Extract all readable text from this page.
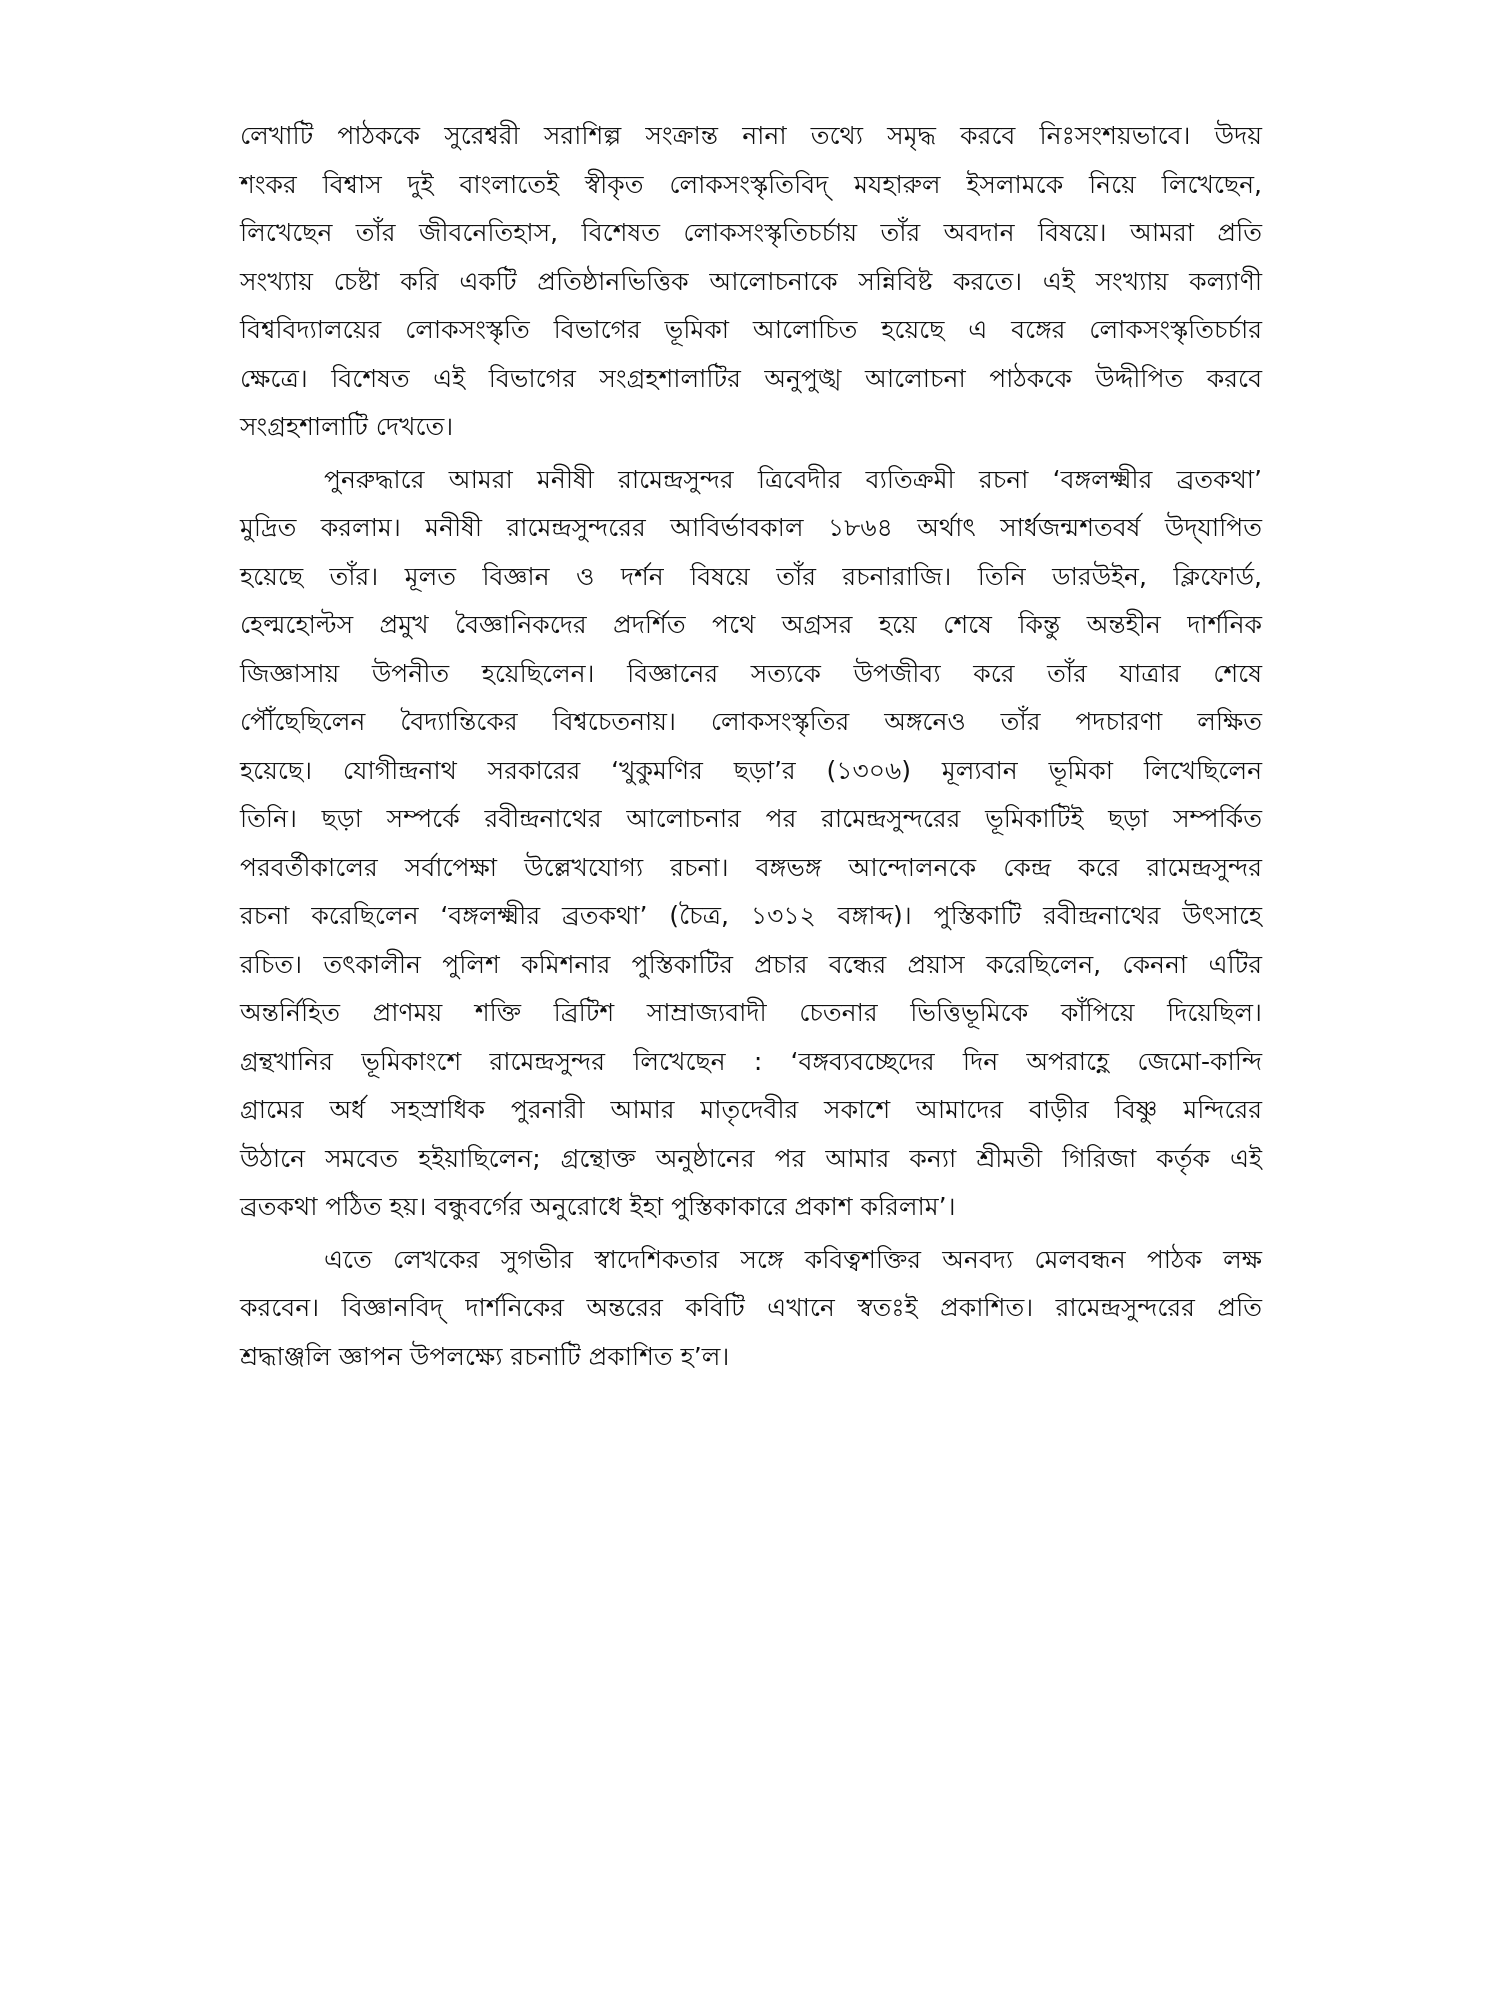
লেখাটি পাঠককে সুরেশ্বরী সরাশিল্প সংক্রান্ত নানা তথ্যে সমৃদ্ধ করবে নিঃসংশয়ভাবে। উদয়
শংকর বিশ্বাস দুই বাংলাতেই স্বীকৃত লোকসংস্কৃতিবিদ্ মযহারুল ইসলামকে নিয়ে লিখেছেন,
লিখেছেন তাঁর জীবনেতিহাস, বিশেষত লোকসংস্কৃতিচর্চায় তাঁর অবদান বিষয়ে। আমরা প্রতি
সংখ্যায় চেষ্টা করি একটি প্রতিষ্ঠানভিত্তিক আলোচনাকে সন্নিবিষ্ট করতে। এই সংখ্যায় কল্যাণী
বিশ্ববিদ্যালয়ের লোকসংস্কৃতি বিভাগের ভূমিকা আলোচিত হয়েছে এ বঙ্গের লোকসংস্কৃতিচর্চার
ক্ষেত্রে। বিশেষত এই বিভাগের সংগ্রহশালাটির অনুপুঙ্খ আলোচনা পাঠককে উদ্দীপিত করবে
সংগ্রহশালাটি দেখতে।
পুনরুদ্ধারে আমরা মনীষী রামেন্দ্রসুন্দর ত্রিবেদীর ব্যতিক্রমী রচনা ‘বঙ্গলক্ষ্মীর ব্রতকথা’
মুদ্রিত করলাম। মনীষী রামেন্দ্রসুন্দরের আবির্ভাবকাল ১৮৬৪ অর্থাৎ সার্ধজন্মশতবর্ষ উদ্‌যাপিত
হয়েছে তাঁর। মূলত বিজ্ঞান ও দর্শন বিষয়ে তাঁর রচনারাজি। তিনি ডারউইন, ক্লিফোর্ড,
হেল্মহোল্টস প্রমুখ বৈজ্ঞানিকদের প্রদর্শিত পথে অগ্রসর হয়ে শেষে কিন্তু অন্তহীন দার্শনিক
জিজ্ঞাসায় উপনীত হয়েছিলেন। বিজ্ঞানের সত্যকে উপজীব্য করে তাঁর যাত্রার শেষে
পৌঁছেছিলেন বৈদ্যান্তিকের বিশ্বচেতনায়। লোকসংস্কৃতির অঙ্গনেও তাঁর পদচারণা লক্ষিত
হয়েছে। যোগীন্দ্রনাথ সরকারের ‘খুকুমণির ছড়া’র (১৩০৬) মূল্যবান ভূমিকা লিখেছিলেন
তিনি। ছড়া সম্পর্কে রবীন্দ্রনাথের আলোচনার পর রামেন্দ্রসুন্দরের ভূমিকাটিই ছড়া সম্পর্কিত
পরবর্তীকালের সর্বাপেক্ষা উল্লেখযোগ্য রচনা। বঙ্গভঙ্গ আন্দোলনকে কেন্দ্র করে রামেন্দ্রসুন্দর
রচনা করেছিলেন ‘বঙ্গলক্ষ্মীর ব্রতকথা’ (চৈত্র, ১৩১২ বঙ্গাব্দ)। পুস্তিকাটি রবীন্দ্রনাথের উৎসাহে
রচিত। তৎকালীন পুলিশ কমিশনার পুস্তিকাটির প্রচার বন্ধের প্রয়াস করেছিলেন, কেননা এটির
অন্তর্নিহিত প্রাণময় শক্তি ব্রিটিশ সাম্রাজ্যবাদী চেতনার ভিত্তিভূমিকে কাঁপিয়ে দিয়েছিল।
গ্রন্থখানির ভূমিকাংশে রামেন্দ্রসুন্দর লিখেছেন : ‘বঙ্গব্যবচ্ছেদের দিন অপরাহ্ণে জেমো-কান্দি
গ্রামের অর্ধ সহস্রাধিক পুরনারী আমার মাতৃদেবীর সকাশে আমাদের বাড়ীর বিষ্ণু মন্দিরের
উঠানে সমবেত হইয়াছিলেন; গ্রন্থোক্ত অনুষ্ঠানের পর আমার কন্যা শ্রীমতী গিরিজা কর্তৃক এই
ব্রতকথা পঠিত হয়। বন্ধুবর্গের অনুরোধে ইহা পুস্তিকাকারে প্রকাশ করিলাম’।
এতে লেখকের সুগভীর স্বাদেশিকতার সঙ্গে কবিত্বশক্তির অনবদ্য মেলবন্ধন পাঠক লক্ষ
করবেন। বিজ্ঞানবিদ্ দার্শনিকের অন্তরের কবিটি এখানে স্বতঃই প্রকাশিত। রামেন্দ্রসুন্দরের প্রতি
শ্রদ্ধাঞ্জলি জ্ঞাপন উপলক্ষ্যে রচনাটি প্রকাশিত হ’ল।
